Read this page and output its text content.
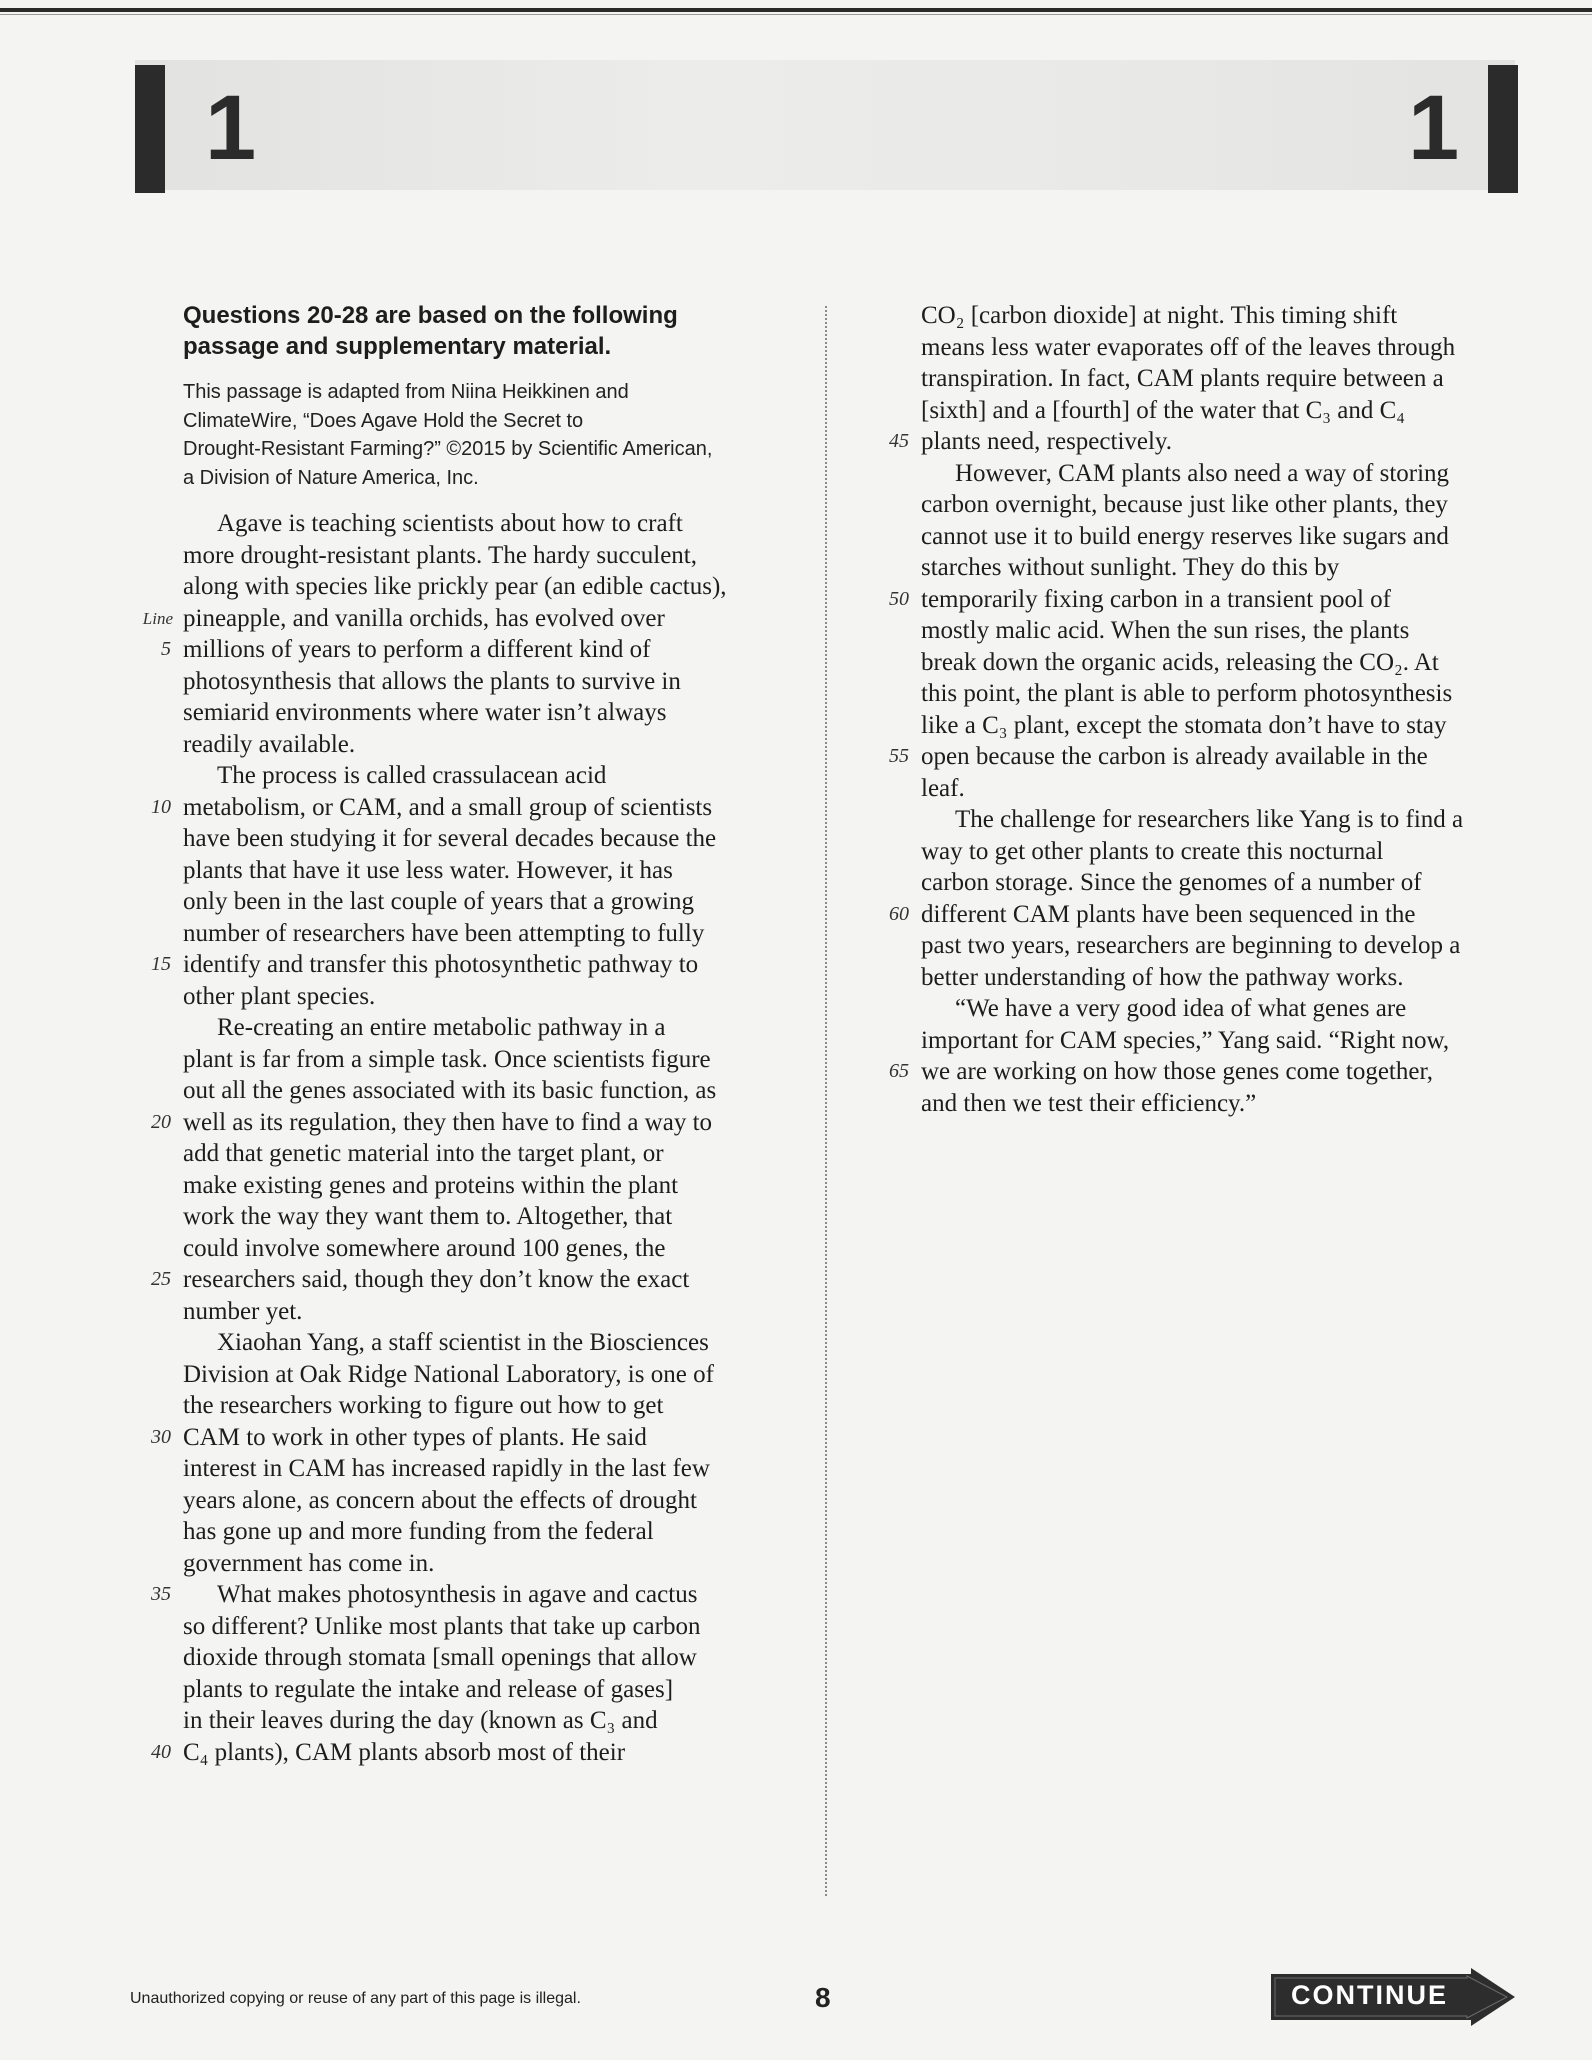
1	1
Questions 20-28 are based on the following
passage and supplementary material.
This passage is adapted from Niina Heikkinen and
ClimateWire, “Does Agave Hold the Secret to
Drought-Resistant Farming?” ©2015 by Scientific American,
a Division of Nature America, Inc.
Agave is teaching scientists about how to craft
more drought-resistant plants. The hardy succulent,
along with species like prickly pear (an edible cactus),
Line pineapple, and vanilla orchids, has evolved over
5 millions of years to perform a different kind of
photosynthesis that allows the plants to survive in
semiarid environments where water isn’t always
readily available.
The process is called crassulacean acid
10 metabolism, or CAM, and a small group of scientists
have been studying it for several decades because the
plants that have it use less water. However, it has
only been in the last couple of years that a growing
number of researchers have been attempting to fully
15 identify and transfer this photosynthetic pathway to
other plant species.
Re-creating an entire metabolic pathway in a
plant is far from a simple task. Once scientists figure
out all the genes associated with its basic function, as
20 well as its regulation, they then have to find a way to
add that genetic material into the target plant, or
make existing genes and proteins within the plant
work the way they want them to. Altogether, that
could involve somewhere around 100 genes, the
25 researchers said, though they don’t know the exact
number yet.
Xiaohan Yang, a staff scientist in the Biosciences
Division at Oak Ridge National Laboratory, is one of
the researchers working to figure out how to get
30 CAM to work in other types of plants. He said
interest in CAM has increased rapidly in the last few
years alone, as concern about the effects of drought
has gone up and more funding from the federal
government has come in.
35 What makes photosynthesis in agave and cactus
so different? Unlike most plants that take up carbon
dioxide through stomata [small openings that allow
plants to regulate the intake and release of gases]
in their leaves during the day (known as C₃ and
40 C₄ plants), CAM plants absorb most of their
CO₂ [carbon dioxide] at night. This timing shift
means less water evaporates off of the leaves through
transpiration. In fact, CAM plants require between a
[sixth] and a [fourth] of the water that C₃ and C₄
45 plants need, respectively.
However, CAM plants also need a way of storing
carbon overnight, because just like other plants, they
cannot use it to build energy reserves like sugars and
starches without sunlight. They do this by
50 temporarily fixing carbon in a transient pool of
mostly malic acid. When the sun rises, the plants
break down the organic acids, releasing the CO₂. At
this point, the plant is able to perform photosynthesis
like a C₃ plant, except the stomata don’t have to stay
55 open because the carbon is already available in the
leaf.
The challenge for researchers like Yang is to find a
way to get other plants to create this nocturnal
carbon storage. Since the genomes of a number of
60 different CAM plants have been sequenced in the
past two years, researchers are beginning to develop a
better understanding of how the pathway works.
“We have a very good idea of what genes are
important for CAM species,” Yang said. “Right now,
65 we are working on how those genes come together,
and then we test their efficiency.”
Unauthorized copying or reuse of any part of this page is illegal.	8	CONTINUE
